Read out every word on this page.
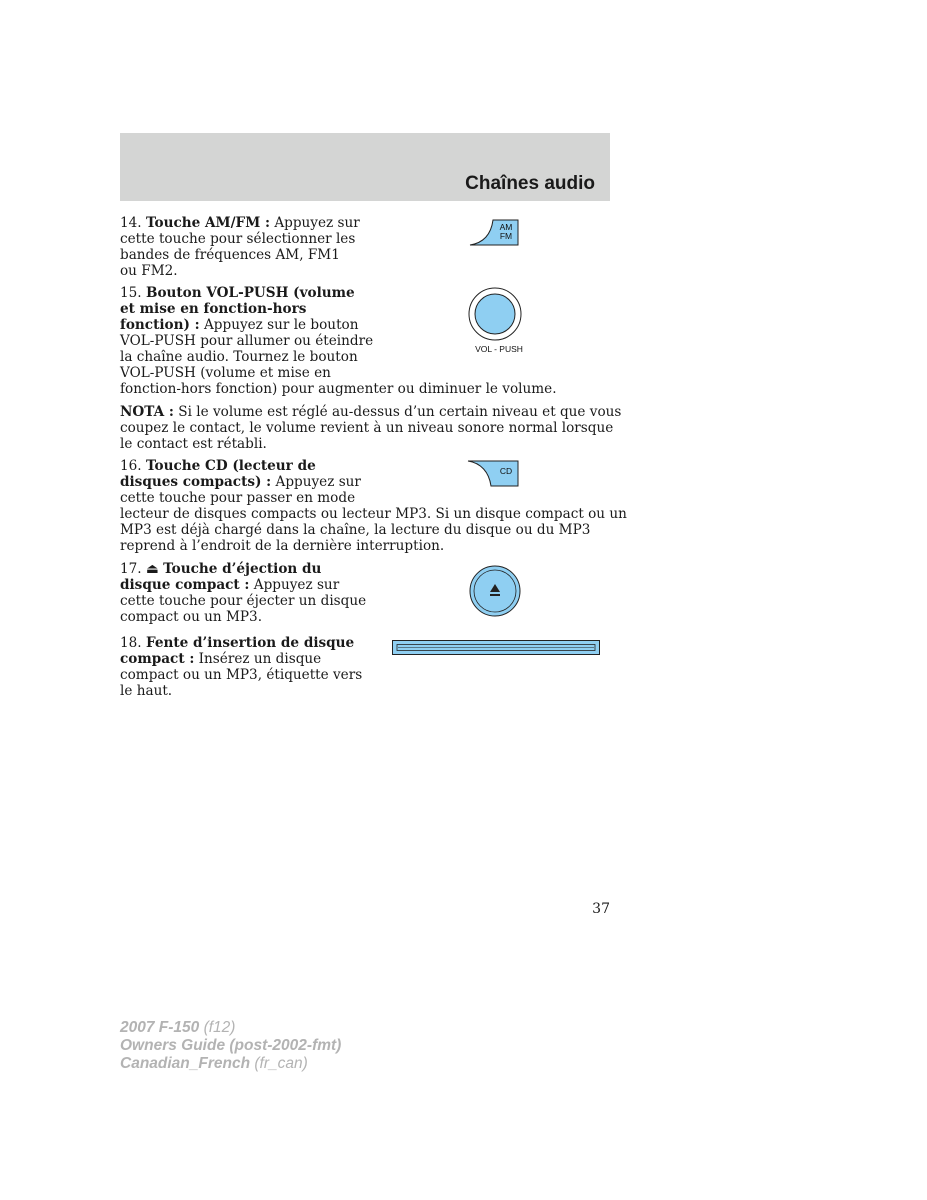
Chaînes audio
14. Touche AM/FM : Appuyez sur
cette touche pour sélectionner les
bandes de fréquences AM, FM1
ou FM2.
AM
FM
15. Bouton VOL-PUSH (volume
et mise en fonction-hors
fonction) : Appuyez sur le bouton
VOL-PUSH pour allumer ou éteindre
la chaîne audio. Tournez le bouton
VOL-PUSH (volume et mise en
fonction-hors fonction) pour augmenter ou diminuer le volume.
VOL - PUSH
NOTA : Si le volume est réglé au-dessus d’un certain niveau et que vous
coupez le contact, le volume revient à un niveau sonore normal lorsque
le contact est rétabli.
16. Touche CD (lecteur de
disques compacts) : Appuyez sur
cette touche pour passer en mode
lecteur de disques compacts ou lecteur MP3. Si un disque compact ou un
MP3 est déjà chargé dans la chaîne, la lecture du disque ou du MP3
reprend à l’endroit de la dernière interruption.
CD
17. ⏏ Touche d’éjection du
disque compact : Appuyez sur
cette touche pour éjecter un disque
compact ou un MP3.
18. Fente d’insertion de disque
compact : Insérez un disque
compact ou un MP3, étiquette vers
le haut.
37
2007 F-150 (f12)
Owners Guide (post-2002-fmt)
Canadian_French (fr_can)
